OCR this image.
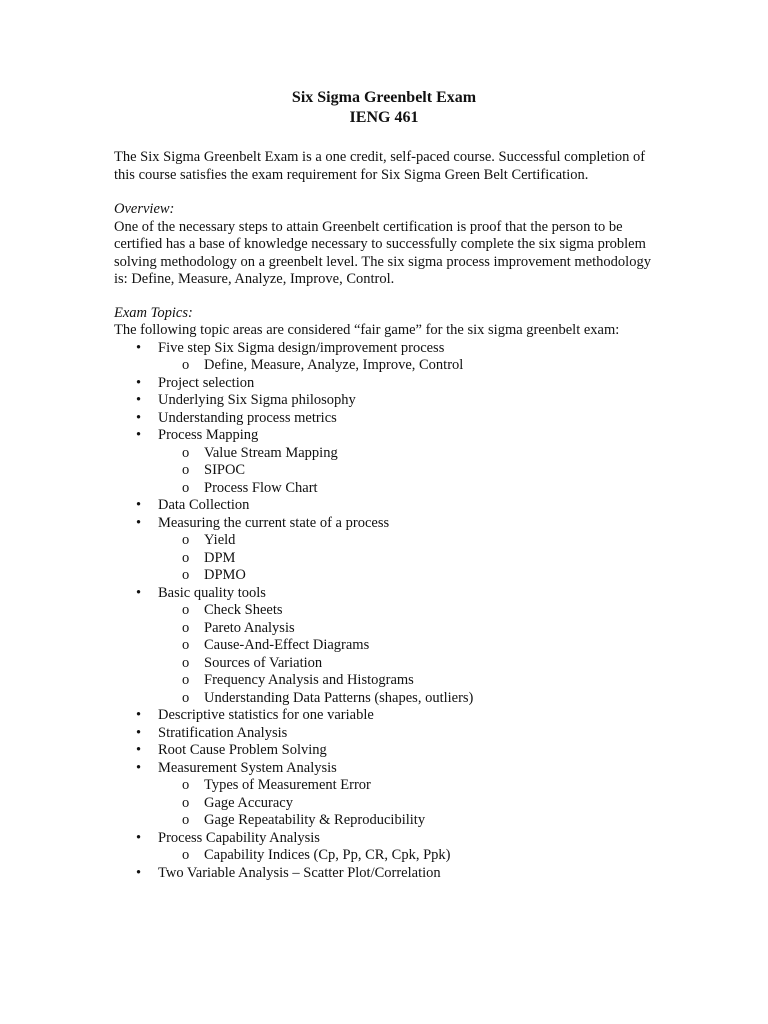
Six Sigma Greenbelt Exam
IENG 461

The Six Sigma Greenbelt Exam is a one credit, self-paced course. Successful completion of this course satisfies the exam requirement for Six Sigma Green Belt Certification.

Overview:

One of the necessary steps to attain Greenbelt certification is proof that the person to be certified has a base of knowledge necessary to successfully complete the six sigma problem solving methodology on a greenbelt level. The six sigma process improvement methodology is: Define, Measure, Analyze, Improve, Control.

Exam Topics:

The following topic areas are considered “fair game” for the six sigma greenbelt exam:

• Five step Six Sigma design/improvement process
o Define, Measure, Analyze, Improve, Control
• Project selection
• Underlying Six Sigma philosophy
• Understanding process metrics
• Process Mapping
o Value Stream Mapping
o SIPOC
o Process Flow Chart
• Data Collection
• Measuring the current state of a process
o Yield
o DPM
o DPMO
• Basic quality tools
o Check Sheets
o Pareto Analysis
o Cause-And-Effect Diagrams
o Sources of Variation
o Frequency Analysis and Histograms
o Understanding Data Patterns (shapes, outliers)
• Descriptive statistics for one variable
• Stratification Analysis
• Root Cause Problem Solving
• Measurement System Analysis
o Types of Measurement Error
o Gage Accuracy
o Gage Repeatability & Reproducibility
• Process Capability Analysis
o Capability Indices (Cp, Pp, CR, Cpk, Ppk)
• Two Variable Analysis – Scatter Plot/Correlation
